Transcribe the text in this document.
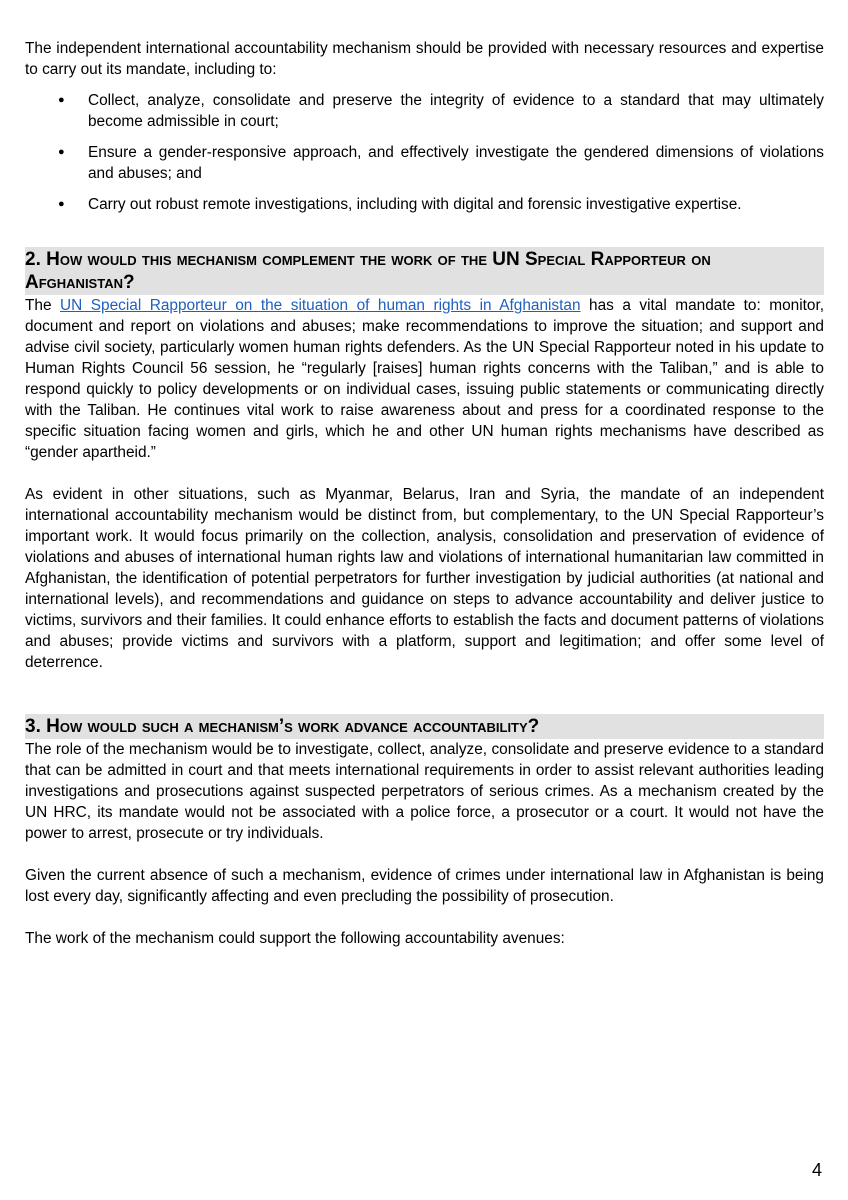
The independent international accountability mechanism should be provided with necessary resources and expertise to carry out its mandate, including to:

● Collect, analyze, consolidate and preserve the integrity of evidence to a standard that may ultimately become admissible in court;
● Ensure a gender-responsive approach, and effectively investigate the gendered dimensions of violations and abuses; and
● Carry out robust remote investigations, including with digital and forensic investigative expertise.
2. How would this mechanism complement the work of the UN Special Rapporteur on Afghanistan?

The UN Special Rapporteur on the situation of human rights in Afghanistan has a vital mandate to: monitor, document and report on violations and abuses; make recommendations to improve the situation; and support and advise civil society, particularly women human rights defenders. As the UN Special Rapporteur noted in his update to Human Rights Council 56 session, he “regularly [raises] human rights concerns with the Taliban,” and is able to respond quickly to policy developments or on individual cases, issuing public statements or communicating directly with the Taliban. He continues vital work to raise awareness about and press for a coordinated response to the specific situation facing women and girls, which he and other UN human rights mechanisms have described as “gender apartheid.”

As evident in other situations, such as Myanmar, Belarus, Iran and Syria, the mandate of an independent international accountability mechanism would be distinct from, but complementary, to the UN Special Rapporteur’s important work. It would focus primarily on the collection, analysis, consolidation and preservation of evidence of violations and abuses of international human rights law and violations of international humanitarian law committed in Afghanistan, the identification of potential perpetrators for further investigation by judicial authorities (at national and international levels), and recommendations and guidance on steps to advance accountability and deliver justice to victims, survivors and their families. It could enhance efforts to establish the facts and document patterns of violations and abuses; provide victims and survivors with a platform, support and legitimation; and offer some level of deterrence.

3. How would such a mechanism’s work advance accountability?

The role of the mechanism would be to investigate, collect, analyze, consolidate and preserve evidence to a standard that can be admitted in court and that meets international requirements in order to assist relevant authorities leading investigations and prosecutions against suspected perpetrators of serious crimes. As a mechanism created by the UN HRC, its mandate would not be associated with a police force, a prosecutor or a court. It would not have the power to arrest, prosecute or try individuals.

Given the current absence of such a mechanism, evidence of crimes under international law in Afghanistan is being lost every day, significantly affecting and even precluding the possibility of prosecution.

The work of the mechanism could support the following accountability avenues:

4
